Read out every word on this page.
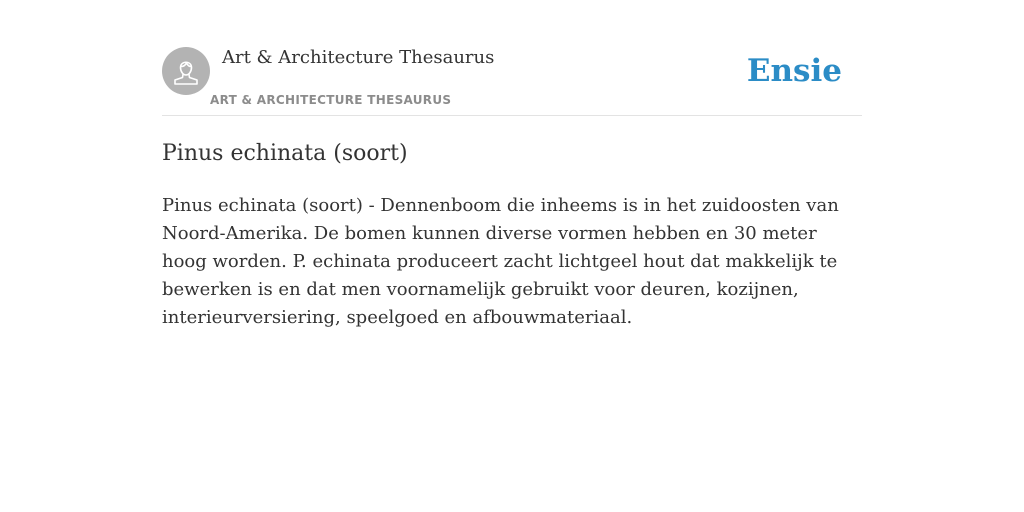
Art & Architecture Thesaurus
ART & ARCHITECTURE THESAURUS
Ensie
Pinus echinata (soort)

Pinus echinata (soort) - Dennenboom die inheems is in het zuidoosten van Noord-Amerika. De bomen kunnen diverse vormen hebben en 30 meter hoog worden. P. echinata produceert zacht lichtgeel hout dat makkelijk te bewerken is en dat men voornamelijk gebruikt voor deuren, kozijnen, interieurversiering, speelgoed en afbouwmateriaal.
